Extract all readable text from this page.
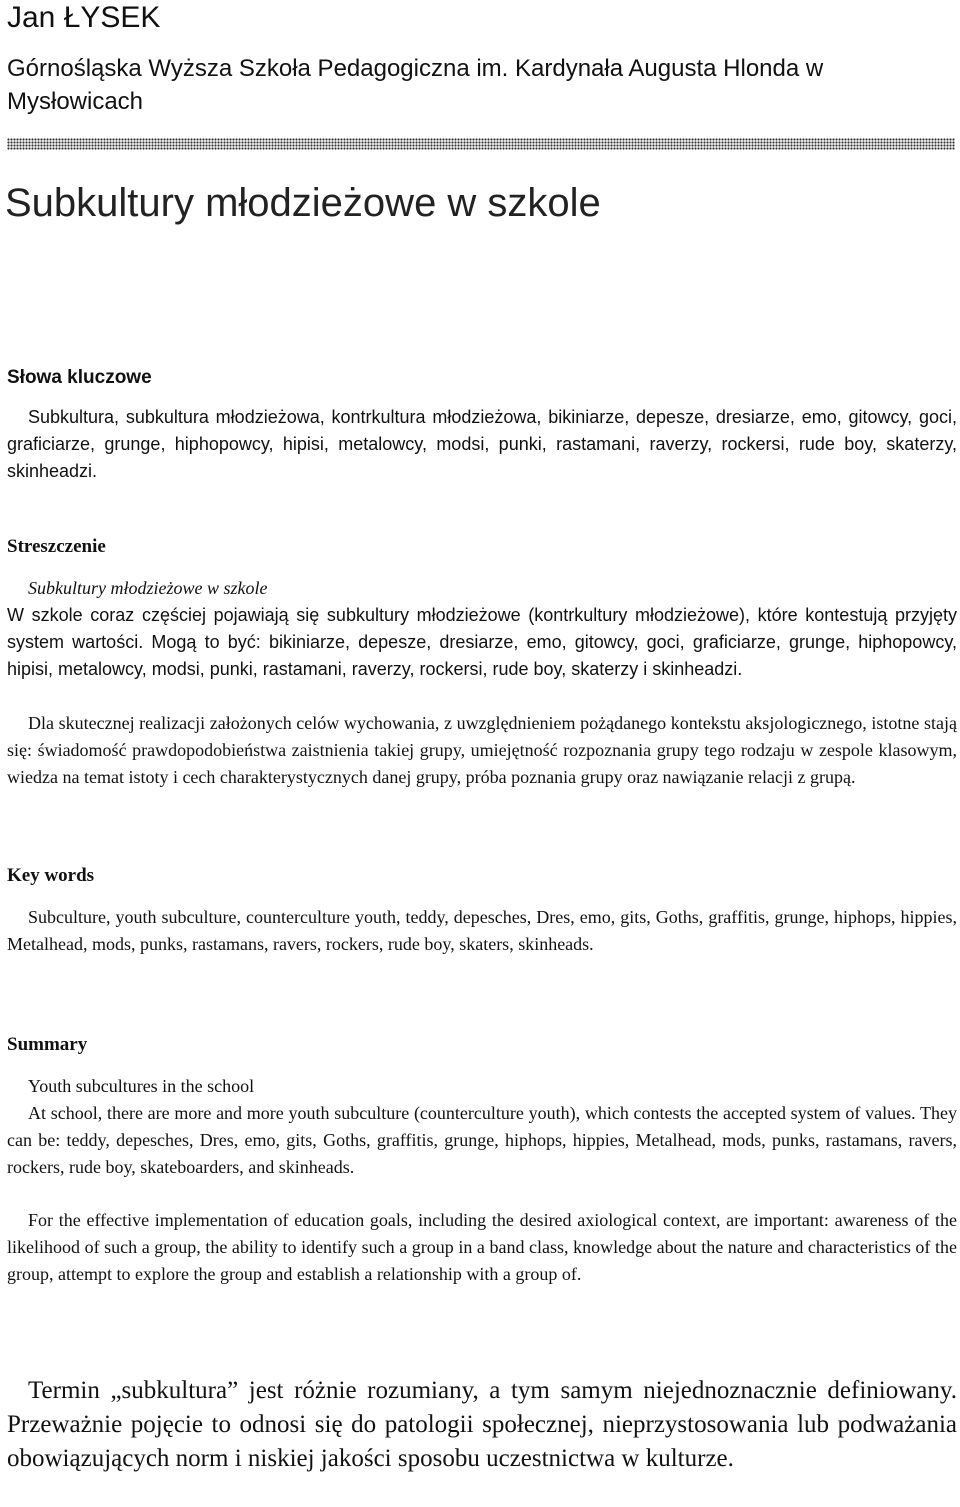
Jan ŁYSEK

Górnośląska Wyższa Szkoła Pedagogiczna im. Kardynała Augusta Hlonda w Mysłowicach

Subkultury młodzieżowe w szkole
Słowa kluczowe

Subkultura, subkultura młodzieżowa, kontrkultura młodzieżowa, bikiniarze, depesze, dresiarze, emo, gitowcy, goci, graficiarze, grunge, hiphopowcy, hipisi, metalowcy, modsi, punki, rastamani, raverzy, rockersi, rude boy, skaterzy, skinheadzi.

Streszczenie

Subkultury młodzieżowe w szkole

W szkole coraz częściej pojawiają się subkultury młodzieżowe (kontrkultury młodzieżowe), które kontestują przyjęty system wartości. Mogą to być: bikiniarze, depesze, dresiarze, emo, gitowcy, goci, graficiarze, grunge, hiphopowcy, hipisi, metalowcy, modsi, punki, rastamani, raverzy, rockersi, rude boy, skaterzy i skinheadzi.

Dla skutecznej realizacji założonych celów wychowania, z uwzględnieniem pożądanego kontekstu aksjologicznego, istotne stają się: świadomość prawdopodobieństwa zaistnienia takiej grupy, umiejętność rozpoznania grupy tego rodzaju w zespole klasowym, wiedza na temat istoty i cech charakterystycznych danej grupy, próba poznania grupy oraz nawiązanie relacji z grupą.

Key words

Subculture, youth subculture, counterculture youth, teddy, depesches, Dres, emo, gits, Goths, graffitis, grunge, hiphops, hippies, Metalhead, mods, punks, rastamans, ravers, rockers, rude boy, skaters, skinheads.

Summary

Youth subcultures in the school

At school, there are more and more youth subculture (counterculture youth), which contests the accepted system of values. They can be: teddy, depesches, Dres, emo, gits, Goths, graffitis, grunge, hiphops, hippies, Metalhead, mods, punks, rastamans, ravers, rockers, rude boy, skateboarders, and skinheads.

For the effective implementation of education goals, including the desired axiological context, are important: awareness of the likelihood of such a group, the ability to identify such a group in a band class, knowledge about the nature and characteristics of the group, attempt to explore the group and establish a relationship with a group of.

Termin „subkultura” jest różnie rozumiany, a tym samym niejednoznacznie definiowany. Przeważnie pojęcie to odnosi się do patologii społecznej, nieprzystosowania lub podważania obowiązujących norm i niskiej jakości sposobu uczestnictwa w kulturze.
